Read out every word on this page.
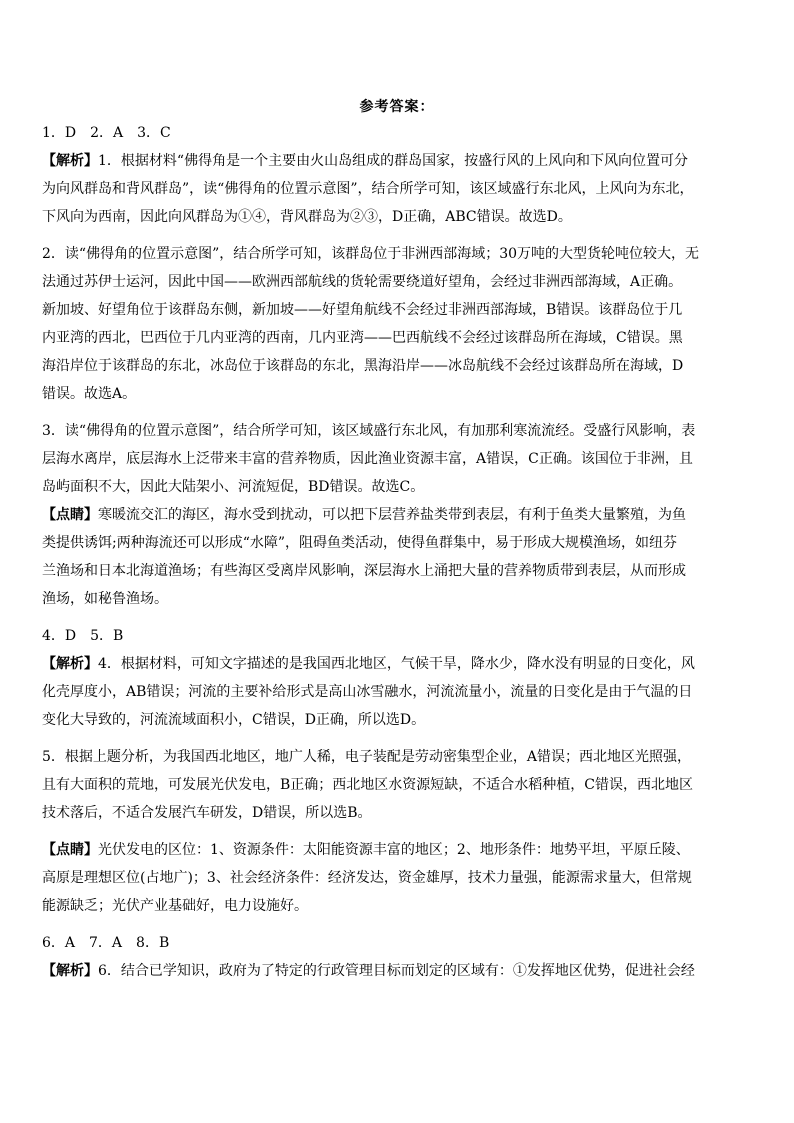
参考答案：
1．D　2．A　3．C
【解析】1．根据材料“佛得角是一个主要由火山岛组成的群岛国家，按盛行风的上风向和下风向位置可分
为向风群岛和背风群岛”，读“佛得角的位置示意图”，结合所学可知，该区域盛行东北风，上风向为东北，
下风向为西南，因此向风群岛为①④，背风群岛为②③，D正确，ABC错误。故选D。
2．读“佛得角的位置示意图”，结合所学可知，该群岛位于非洲西部海域；30万吨的大型货轮吨位较大，无
法通过苏伊士运河，因此中国——欧洲西部航线的货轮需要绕道好望角，会经过非洲西部海域，A正确。
新加坡、好望角位于该群岛东侧，新加坡——好望角航线不会经过非洲西部海域，B错误。该群岛位于几
内亚湾的西北，巴西位于几内亚湾的西南，几内亚湾——巴西航线不会经过该群岛所在海域，C错误。黑
海沿岸位于该群岛的东北，冰岛位于该群岛的东北，黑海沿岸——冰岛航线不会经过该群岛所在海域，D
错误。故选A。
3．读“佛得角的位置示意图”，结合所学可知，该区域盛行东北风，有加那利寒流流经。受盛行风影响，表
层海水离岸，底层海水上泛带来丰富的营养物质，因此渔业资源丰富，A错误，C正确。该国位于非洲，且
岛屿面积不大，因此大陆架小、河流短促，BD错误。故选C。
【点睛】寒暖流交汇的海区，海水受到扰动，可以把下层营养盐类带到表层，有利于鱼类大量繁殖，为鱼
类提供诱饵;两种海流还可以形成“水障”，阻碍鱼类活动，使得鱼群集中，易于形成大规模渔场，如纽芬
兰渔场和日本北海道渔场；有些海区受离岸风影响，深层海水上涌把大量的营养物质带到表层，从而形成
渔场，如秘鲁渔场。
4．D　5．B
【解析】4．根据材料，可知文字描述的是我国西北地区，气候干旱，降水少，降水没有明显的日变化，风
化壳厚度小，AB错误；河流的主要补给形式是高山冰雪融水，河流流量小，流量的日变化是由于气温的日
变化大导致的，河流流域面积小，C错误，D正确，所以选D。
5．根据上题分析，为我国西北地区，地广人稀，电子装配是劳动密集型企业，A错误；西北地区光照强，
且有大面积的荒地，可发展光伏发电，B正确；西北地区水资源短缺，不适合水稻种植，C错误，西北地区
技术落后，不适合发展汽车研发，D错误，所以选B。
【点睛】光伏发电的区位：1、资源条件：太阳能资源丰富的地区；2、地形条件：地势平坦，平原丘陵、
高原是理想区位(占地广)；3、社会经济条件：经济发达，资金雄厚，技术力量强，能源需求量大，但常规
能源缺乏；光伏产业基础好，电力设施好。
6．A　7．A　8．B
【解析】6．结合已学知识，政府为了特定的行政管理目标而划定的区域有：①发挥地区优势，促进社会经
